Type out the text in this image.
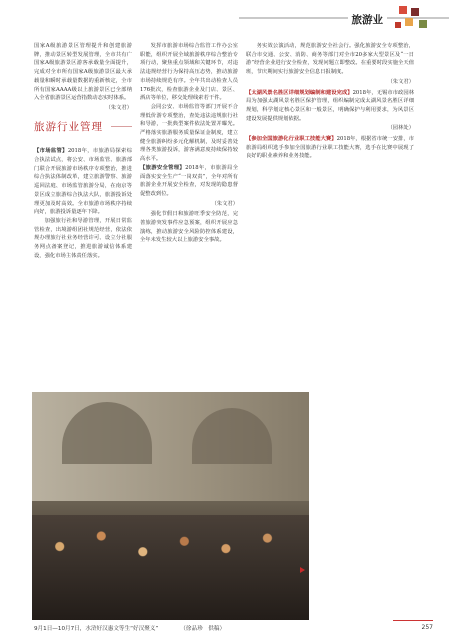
旅游业

国家A级旅游景区管理提升和创建旅游牌，推动景区转型发展管理，全市共有广国家A级旅游景区游客承载量全面提升，完成对全市所有国家A级旅游景区最大承载量和瞬时承载量数据的重新核定，全市所有国家AAAA级以上旅游景区已全部纳入全省旅游景区运营指数动态实时体系。

（朱文君）
旅游行业管理

【市场监管】2018年，市旅游局探索综合执法试点，将公安、市场监管、旅游部门联合开展旅游市场秩序专项整治，推进综合执法体制改革，建立旅游警察、旅游巡回法庭、市场监管旅游分局，在南京等景区成立旅游综合执法大队，旅游投诉处理更加及时高效。全市旅游市场秩序持续向好，旅游投诉量逐年下降。

加强旅行社和导游管理，开展日常监管检查，出境游组团社规范经营，依法依规办理旅行社业务经营许可、设立分社服务网点备案登记，推进旅游诚信体系建设，强化市场主体责任落实。

发挥市旅游市场综合监管工作办公室职能，组织开展全域旅游秩序综合整治专项行动，聚焦重点领域和关键环节，对违法违规经营行为保持高压态势，推动旅游市场持续规范有序。全年共出动检查人员176批次，检查旅游企业及门店、景区、酒店等单位，移交处理线索若干件。

会同公安、市场监管等部门开展不合理低价游专项整治，查处违法违规旅行社和导游，一批典型案件依法处置并曝光。严格落实旅游服务质量保证金制度，建立健全旅游纠纷多元化解机制，及时妥善处理各类旅游投诉，游客满意度持续保持较高水平。

【旅游安全管理】2018年，市旅游局全面落实安全生产“一岗双责”，全年对所有旅游企业开展安全检查，对发现的隐患督促整改到位。

（朱文君）

强化节假日和旅游旺季安全防范，完善旅游突发事件应急预案，组织开展应急演练，推动旅游安全风险防控体系建设，全年未发生较大以上旅游安全事故。

务实效公演活动，规范旅游安全社会行。强化旅游安全专项整治，联合市交通、公安、消防、商务等部门对全市20多家大型景区及“一日游”经营企业进行安全检查，发现问题立即整改。在重要时段实施全天值班，节庆期间实行旅游安全信息日报制度。

（朱文君）

【太湖风景名胜区详细规划编制和建设完成】2018年，无锡市市政园林局为加强太湖风景名胜区保护管理，组织编制完成太湖风景名胜区详细规划，科学划定核心景区和一般景区，明确保护与利用要求，为风景区建设发展提供规划依据。

（园林处）

【参加全国旅游化行业职工技能大赛】2018年，根据省市统一安排，市旅游局组织选手参加全国旅游行业职工技能大赛，选手在比赛中展现了良好的职业素养和业务技能。

9月1日—10月7日，水浒好汉惠文等生“好汉聚义”	（徐品珍　供稿）	257
